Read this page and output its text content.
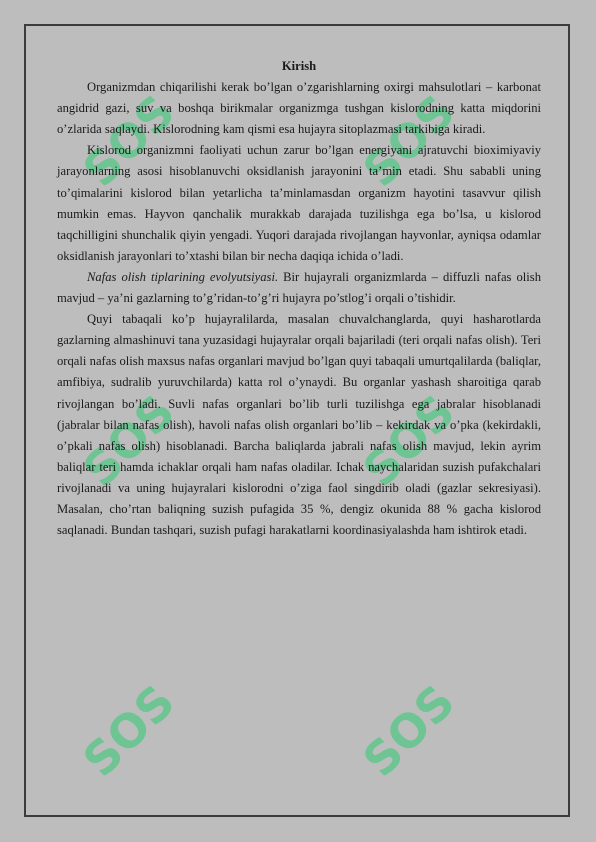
SOS	SOS
SOS	SOS
SOS	SOS

Kirish

Organizmdan chiqarilishi kerak bo’lgan o’zgarishlarning oxirgi mahsulotlari – karbonat angidrid gazi, suv va boshqa birikmalar organizmga tushgan kislorodning katta miqdorini o’zlarida saqlaydi. Kislorodning kam qismi esa hujayra sitoplazmasi tarkibiga kiradi.

Kislorod organizmni faoliyati uchun zarur bo’lgan energiyani ajratuvchi bioximiyaviy jarayonlarning asosi hisoblanuvchi oksidlanish jarayonini ta’min etadi. Shu sababli uning to’qimalarini kislorod bilan yetarlicha ta’minlamasdan organizm hayotini tasavvur qilish mumkin emas. Hayvon qanchalik murakkab darajada tuzilishga ega bo’lsa, u kislorod taqchilligini shunchalik qiyin yengadi. Yuqori darajada rivojlangan hayvonlar, ayniqsa odamlar oksidlanish jarayonlari to’xtashi bilan bir necha daqiqa ichida o’ladi.

Nafas olish tiplarining evolyutsiyasi. Bir hujayrali organizmlarda – diffuzli nafas olish mavjud – ya’ni gazlarning to’g’ridan-to’g’ri hujayra po’stlog’i orqali o’tishidir.

Quyi tabaqali ko’p hujayralilarda, masalan chuvalchanglarda, quyi hasharotlarda gazlarning almashinuvi tana yuzasidagi hujayralar orqali bajariladi (teri orqali nafas olish). Teri orqali nafas olish maxsus nafas organlari mavjud bo’lgan quyi tabaqali umurtqalilarda (baliqlar, amfibiya, sudralib yuruvchilarda) katta rol o’ynaydi. Bu organlar yashash sharoitiga qarab rivojlangan bo’ladi. Suvli nafas organlari bo’lib turli tuzilishga ega jabralar hisoblanadi (jabralar bilan nafas olish), havoli nafas olish organlari bo’lib – kekirdak va o’pka (kekirdakli, o’pkali nafas olish) hisoblanadi. Barcha baliqlarda jabrali nafas olish mavjud, lekin ayrim baliqlar teri hamda ichaklar orqali ham nafas oladilar. Ichak naychalaridan suzish pufakchalari rivojlanadi va uning hujayralari kislorodni o’ziga faol singdirib oladi (gazlar sekresiyasi). Masalan, cho’rtan baliqning suzish pufagida 35 %, dengiz okunida 88 % gacha kislorod saqlanadi. Bundan tashqari, suzish pufagi harakatlarni koordinasiyalashda ham ishtirok etadi.
